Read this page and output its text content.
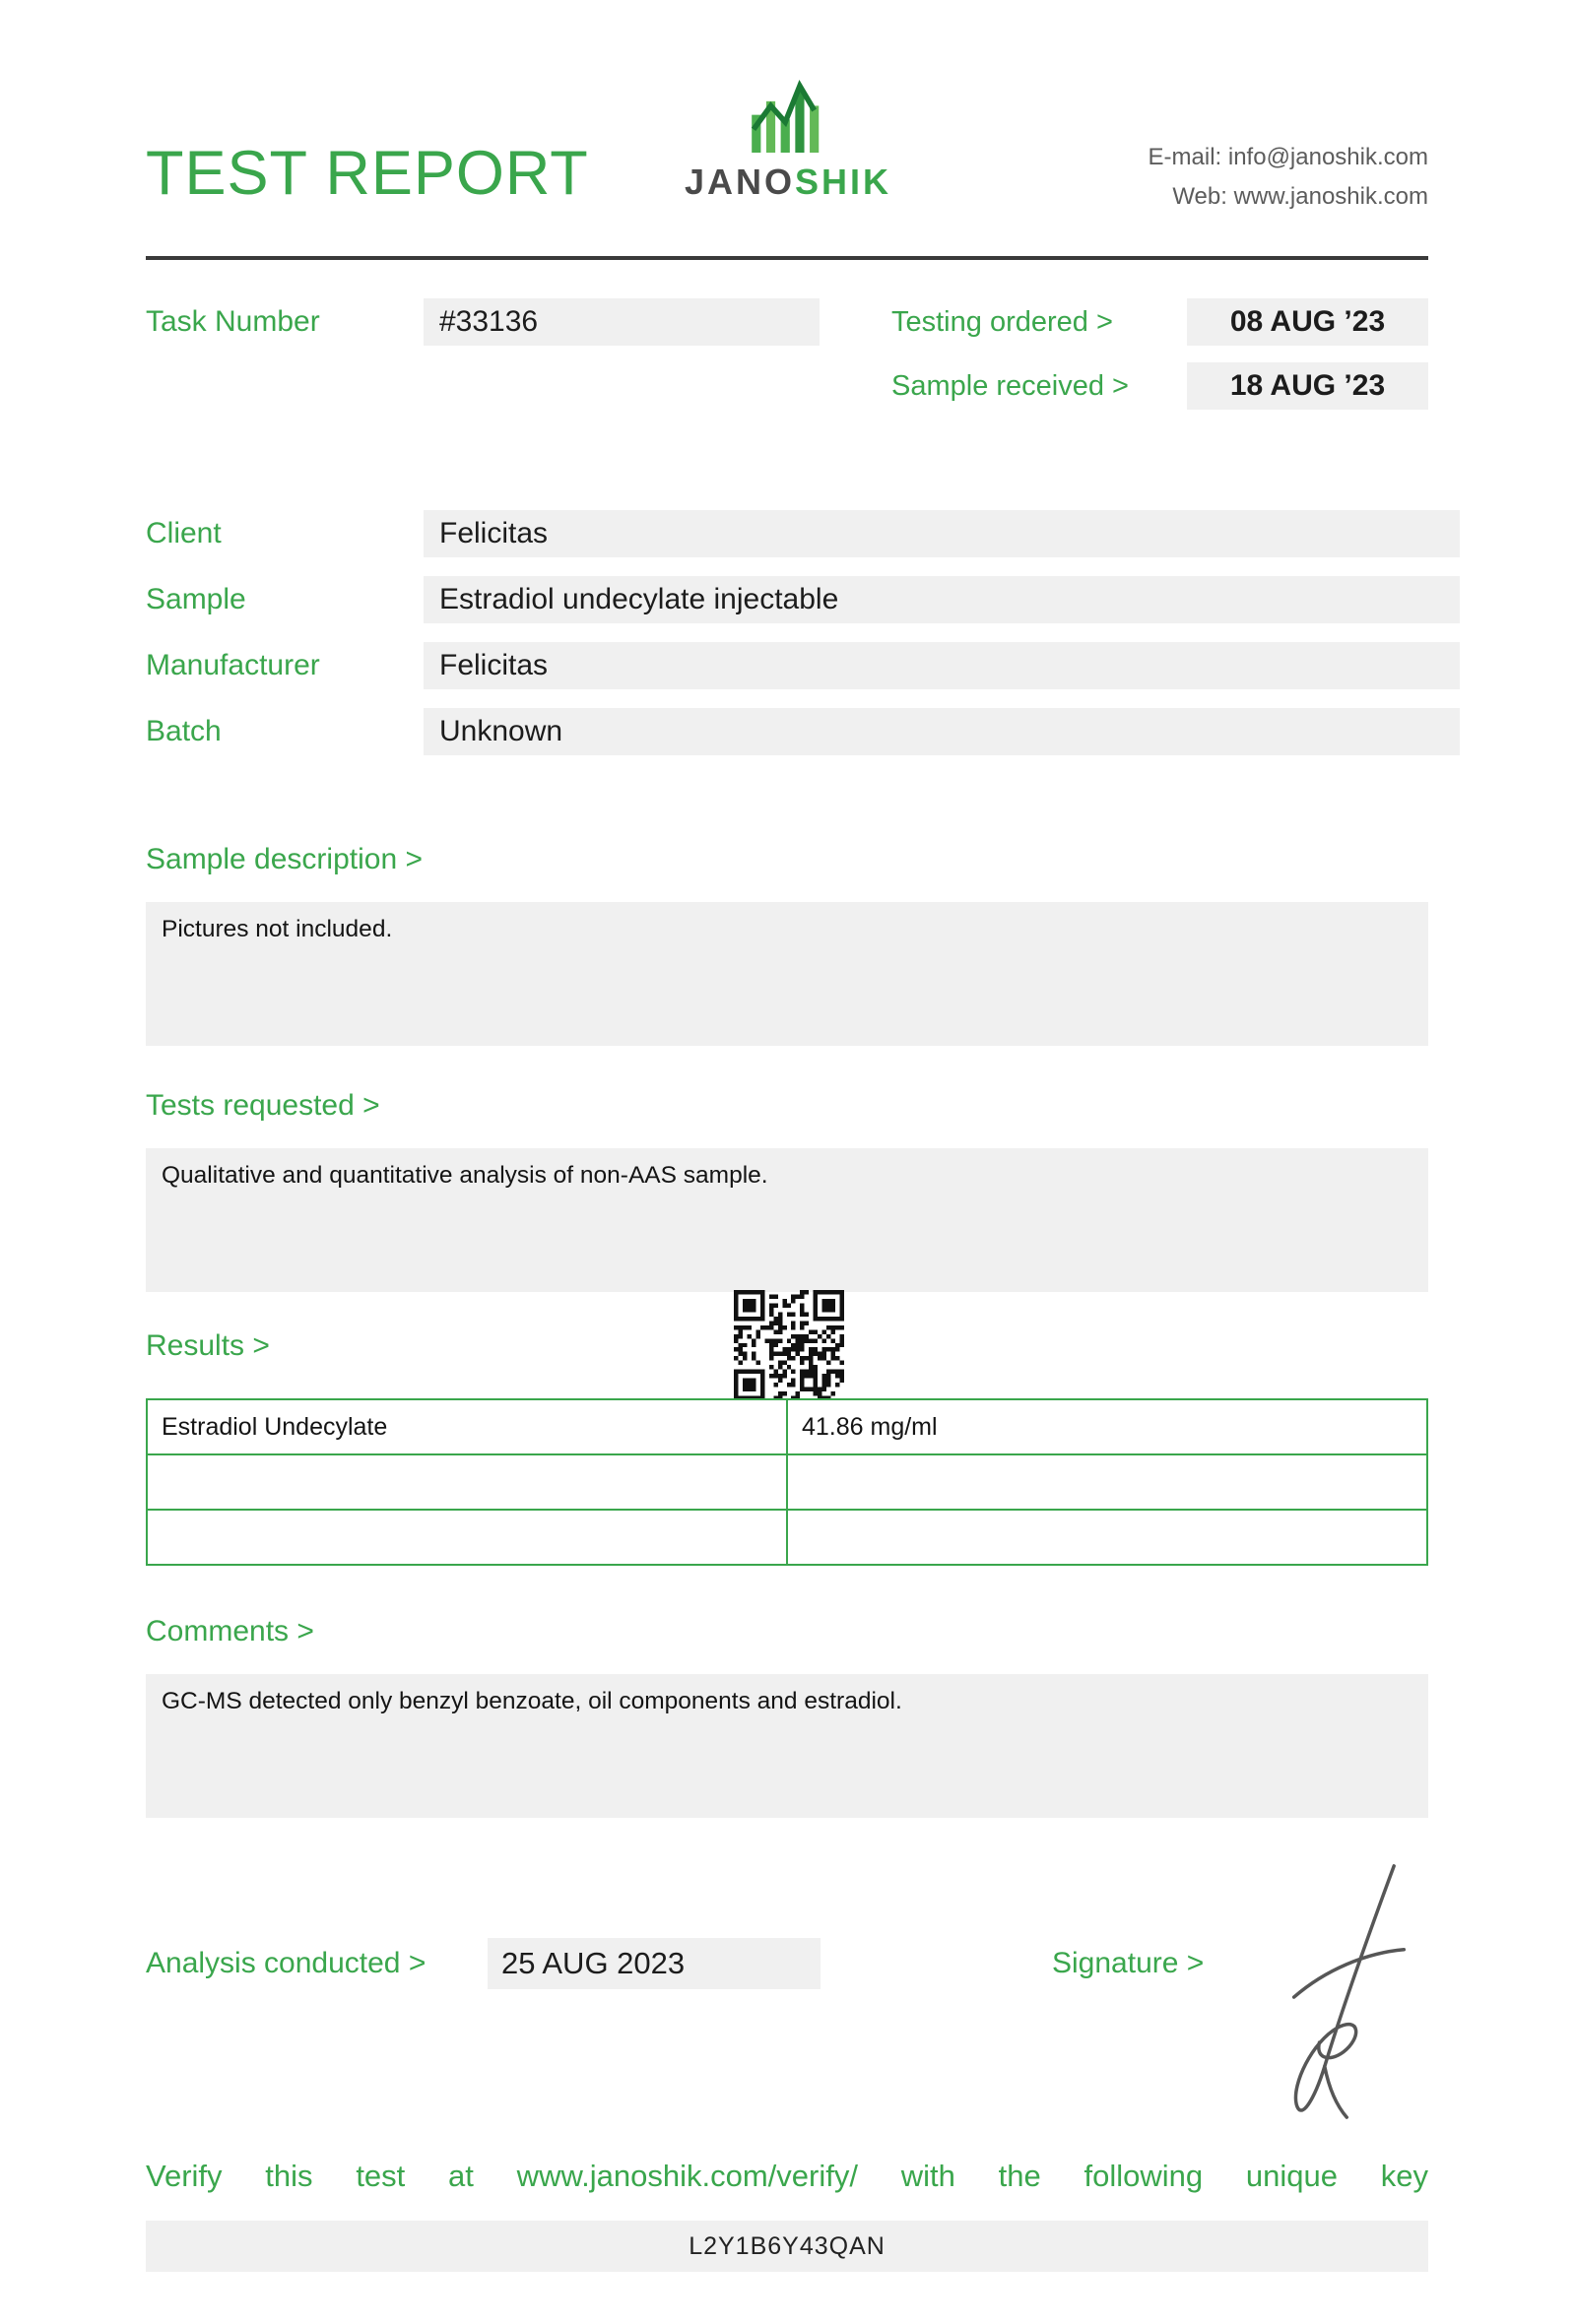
TEST REPORT	JANOSHIK
E-mail: info@janoshik.com
Web: www.janoshik.com
Task Number	#33136	Testing ordered >	08 AUG ’23
Sample received >	18 AUG ’23
Client	Felicitas
Sample	Estradiol undecylate injectable
Manufacturer	Felicitas
Batch	Unknown
Sample description >
Pictures not included.
Tests requested >
Qualitative and quantitative analysis of non-AAS sample.
Results >
Estradiol Undecylate	41.86 mg/ml

Comments >
GC-MS detected only benzyl benzoate, oil components and estradiol.
Analysis conducted >	25 AUG 2023	Signature >
Verify this test at www.janoshik.com/verify/ with the following unique key
L2Y1B6Y43QAN
